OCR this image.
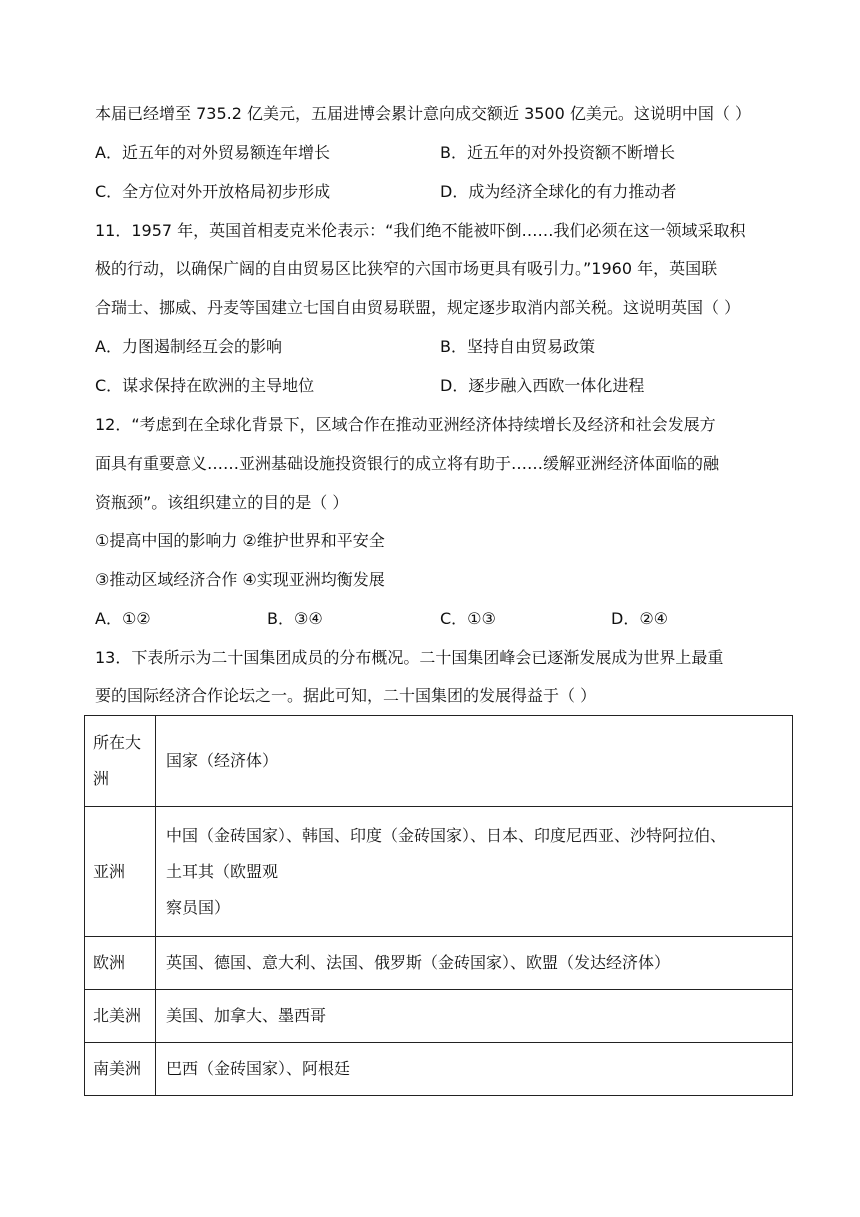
本届已经增至 735.2 亿美元，五届进博会累计意向成交额近 3500 亿美元。这说明中国（ ）
A．近五年的对外贸易额连年增长	B．近五年的对外投资额不断增长
C．全方位对外开放格局初步形成	D．成为经济全球化的有力推动者
11．1957 年，英国首相麦克米伦表示：“我们绝不能被吓倒……我们必须在这一领域采取积
极的行动，以确保广阔的自由贸易区比狭窄的六国市场更具有吸引力。”1960 年，英国联
合瑞士、挪威、丹麦等国建立七国自由贸易联盟，规定逐步取消内部关税。这说明英国（ ）
A．力图遏制经互会的影响	B．坚持自由贸易政策
C．谋求保持在欧洲的主导地位	D．逐步融入西欧一体化进程
12．“考虑到在全球化背景下，区域合作在推动亚洲经济体持续增长及经济和社会发展方
面具有重要意义……亚洲基础设施投资银行的成立将有助于……缓解亚洲经济体面临的融
资瓶颈”。该组织建立的目的是（ ）
①提高中国的影响力 ②维护世界和平安全
③推动区域经济合作 ④实现亚洲均衡发展
A．①②	B．③④	C．①③	D．②④
13．下表所示为二十国集团成员的分布概况。二十国集团峰会已逐渐发展成为世界上最重
要的国际经济合作论坛之一。据此可知，二十国集团的发展得益于（ ）
所在大
洲	国家（经济体）
亚洲	中国（金砖国家）、韩国、印度（金砖国家）、日本、印度尼西亚、沙特阿拉伯、
土耳其（欧盟观
察员国）

欧洲	英国、德国、意大利、法国、俄罗斯（金砖国家）、欧盟（发达经济体）
北美洲	美国、加拿大、墨西哥
南美洲	巴西（金砖国家）、阿根廷
